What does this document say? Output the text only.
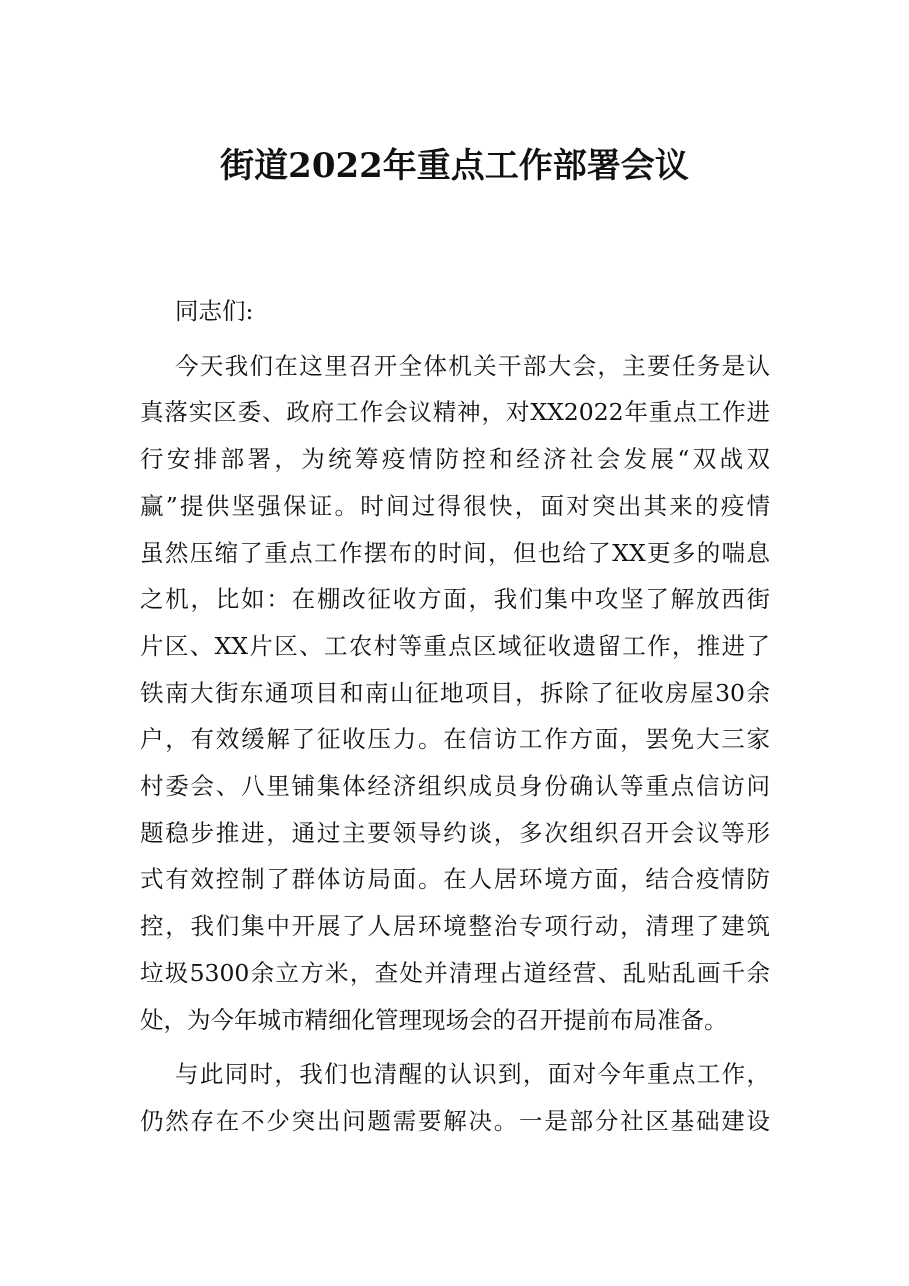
街道2022年重点工作部署会议

同志们:

今天我们在这里召开全体机关干部大会，主要任务是认
真落实区委、政府工作会议精神，对XX2022年重点工作进
行安排部署，为统筹疫情防控和经济社会发展“双战双
赢”提供坚强保证。时间过得很快，面对突出其来的疫情
虽然压缩了重点工作摆布的时间，但也给了XX更多的喘息
之机，比如：在棚改征收方面，我们集中攻坚了解放西街
片区、XX片区、工农村等重点区域征收遗留工作，推进了
铁南大街东通项目和南山征地项目，拆除了征收房屋30余
户，有效缓解了征收压力。在信访工作方面，罢免大三家
村委会、八里铺集体经济组织成员身份确认等重点信访问
题稳步推进，通过主要领导约谈，多次组织召开会议等形
式有效控制了群体访局面。在人居环境方面，结合疫情防
控，我们集中开展了人居环境整治专项行动，清理了建筑
垃圾5300余立方米，查处并清理占道经营、乱贴乱画千余
处，为今年城市精细化管理现场会的召开提前布局准备。

与此同时，我们也清醒的认识到，面对今年重点工作，
仍然存在不少突出问题需要解决。一是部分社区基础建设
